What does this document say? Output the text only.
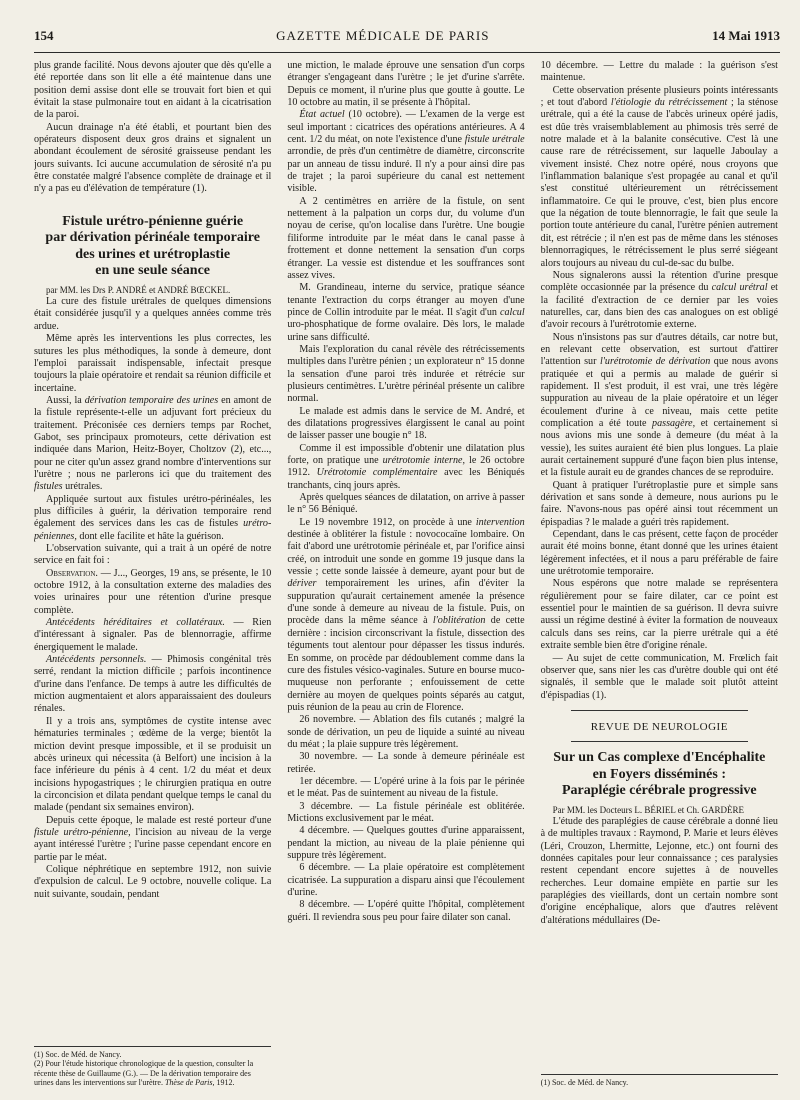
154	GAZETTE MÉDICALE DE PARIS	14 Mai 1913

plus grande facilité. Nous devons ajouter que dès qu'elle a été reportée dans son lit elle a été maintenue dans une position demi assise dont elle se trouvait fort bien et qui évitait la stase pulmonaire tout en aidant à la cicatrisation de la paroi.

Aucun drainage n'a été établi, et pourtant bien des opérateurs disposent deux gros drains et signalent un abondant écoulement de sérosité graisseuse pendant les jours suivants. Ici aucune accumulation de sérosité n'a pu être constatée malgré l'absence complète de drainage et il n'y a pas eu d'élévation de température (1).

Fistule urétro-pénienne guérie
par dérivation périnéale temporaire
des urines et urétroplastie
en une seule séance

par MM. les Drs P. ANDRÉ et ANDRÉ BŒCKEL.

La cure des fistule urétrales de quelques dimensions était considérée jusqu'il y a quelques années comme très ardue.

Même après les interventions les plus correctes, les sutures les plus méthodiques, la sonde à demeure, dont l'emploi paraissait indispensable, infectait presque toujours la plaie opératoire et rendait sa réunion difficile et incertaine.

Aussi, la dérivation temporaire des urines en amont de la fistule représente-t-elle un adjuvant fort précieux du traitement. Préconisée ces derniers temps par Rochet, Gabot, ses principaux promoteurs, cette dérivation est indiquée dans Marion, Heitz-Boyer, Choltzov (2), etc..., pour ne citer qu'un assez grand nombre d'interventions sur l'urètre ; nous ne parlerons ici que du traitement des fistules urétrales.

Appliquée surtout aux fistules urétro-périnéales, les plus difficiles à guérir, la dérivation temporaire rend également des services dans les cas de fistules urétro-péniennes, dont elle facilite et hâte la guérison.

L'observation suivante, qui a trait à un opéré de notre service en fait foi :

Observation. — J..., Georges, 19 ans, se présente, le 10 octobre 1912, à la consultation externe des maladies des voies urinaires pour une rétention d'urine presque complète.

Antécédents héréditaires et collatéraux. — Rien d'intéressant à signaler. Pas de blennorragie, affirme énergiquement le malade.

Antécédents personnels. — Phimosis congénital très serré, rendant la miction difficile ; parfois incontinence d'urine dans l'enfance. De temps à autre les difficultés de miction augmentaient et alors apparaissaient des douleurs rénales.

Il y a trois ans, symptômes de cystite intense avec hématuries terminales ; œdème de la verge; bientôt la miction devint presque impossible, et il se produisit un abcès urineux qui nécessita (à Belfort) une incision à la face inférieure du pénis à 4 cent. 1/2 du méat et deux incisions hypogastriques ; le chirurgien pratiqua en outre la circoncision et dilata pendant quelque temps le canal du malade (pendant six semaines environ).

Depuis cette époque, le malade est resté porteur d'une fistule urétro-pénienne, l'incision au niveau de la verge ayant intéressé l'urètre ; l'urine passe cependant encore en partie par le méat.

Colique néphrétique en septembre 1912, non suivie d'expulsion de calcul. Le 9 octobre, nouvelle colique. La nuit suivante, soudain, pendant

(1) Soc. de Méd. de Nancy.
(2) Pour l'étude historique chronologique de la question, consulter la récente thèse de Guillaume (G.). — De la dérivation temporaire des urines dans les interventions sur l'urètre. Thèse de Paris, 1912.

une miction, le malade éprouve une sensation d'un corps étranger s'engageant dans l'urètre ; le jet d'urine s'arrête. Depuis ce moment, il n'urine plus que goutte à goutte. Le 10 octobre au matin, il se présente à l'hôpital.

État actuel (10 octobre). — L'examen de la verge est seul important : cicatrices des opérations antérieures. A 4 cent. 1/2 du méat, on note l'existence d'une fistule urétrale arrondie, de près d'un centimètre de diamètre, circonscrite par un anneau de tissu induré. Il n'y a pour ainsi dire pas de trajet ; la paroi supérieure du canal est nettement visible.

A 2 centimètres en arrière de la fistule, on sent nettement à la palpation un corps dur, du volume d'un noyau de cerise, qu'on localise dans l'urètre. Une bougie filiforme introduite par le méat dans le canal passe à frottement et donne nettement la sensation d'un corps étranger. La vessie est distendue et les souffrances sont assez vives.

M. Grandineau, interne du service, pratique séance tenante l'extraction du corps étranger au moyen d'une pince de Collin introduite par le méat. Il s'agit d'un calcul uro-phosphatique de forme ovalaire. Dès lors, le malade urine sans difficulté.

Mais l'exploration du canal révèle des rétrécissements multiples dans l'urètre pénien ; un explorateur n° 15 donne la sensation d'une paroi très indurée et rétrécie sur plusieurs centimètres. L'urètre périnéal présente un calibre normal.

Le malade est admis dans le service de M. André, et des dilatations progressives élargissent le canal au point de laisser passer une bougie n° 18.

Comme il est impossible d'obtenir une dilatation plus forte, on pratique une urétrotomie interne, le 26 octobre 1912. Urétrotomie complémentaire avec les Béniqués tranchants, cinq jours après.

Après quelques séances de dilatation, on arrive à passer le n° 56 Béniqué.

Le 19 novembre 1912, on procède à une intervention destinée à oblitérer la fistule : novococaïne lombaire. On fait d'abord une urétrotomie périnéale et, par l'orifice ainsi créé, on introduit une sonde en gomme 19 jusque dans la vessie ; cette sonde laissée à demeure, ayant pour but de dériver temporairement les urines, afin d'éviter la suppuration qu'aurait certainement amenée la présence d'une sonde à demeure au niveau de la fistule. Puis, on procède dans la même séance à l'oblitération de cette dernière : incision circonscrivant la fistule, dissection des téguments tout alentour pour dépasser les tissus indurés. En somme, on procède par dédoublement comme dans la cure des fistules vésico-vaginales. Suture en bourse muco-muqueuse non perforante ; enfouissement de cette dernière au moyen de quelques points séparés au catgut, puis réunion de la peau au crin de Florence.

26 novembre. — Ablation des fils cutanés ; malgré la sonde de dérivation, un peu de liquide a suinté au niveau du méat ; la plaie suppure très légèrement.

30 novembre. — La sonde à demeure périnéale est retirée.

1er décembre. — L'opéré urine à la fois par le périnée et le méat. Pas de suintement au niveau de la fistule.

3 décembre. — La fistule périnéale est oblitérée. Mictions exclusivement par le méat.

4 décembre. — Quelques gouttes d'urine apparaissent, pendant la miction, au niveau de la plaie pénienne qui suppure très légèrement.

6 décembre. — La plaie opératoire est complètement cicatrisée. La suppuration a disparu ainsi que l'écoulement d'urine.

8 décembre. — L'opéré quitte l'hôpital, complètement guéri. Il reviendra sous peu pour faire dilater son canal.

10 décembre. — Lettre du malade : la guérison s'est maintenue.

Cette observation présente plusieurs points intéressants ; et tout d'abord l'étiologie du rétrécissement ; la sténose urétrale, qui a été la cause de l'abcès urineux opéré jadis, est dûe très vraisemblablement au phimosis très serré de notre malade et à la balanite consécutive. C'est là une cause rare de rétrécissement, sur laquelle Jaboulay a vivement insisté. Chez notre opéré, nous croyons que l'inflammation balanique s'est propagée au canal et qu'il s'est constitué ultérieurement un rétrécissement inflammatoire. Ce qui le prouve, c'est, bien plus encore que la négation de toute blennorragie, le fait que seule la portion toute antérieure du canal, l'urètre pénien autrement dit, est rétrécie ; il n'en est pas de même dans les sténoses blennorragiques, le rétrécissement le plus serré siégeant alors toujours au niveau du cul-de-sac du bulbe.

Nous signalerons aussi la rétention d'urine presque complète occasionnée par la présence du calcul urétral et la facilité d'extraction de ce dernier par les voies naturelles, car, dans bien des cas analogues on est obligé d'avoir recours à l'urétrotomie externe.

Nous n'insistons pas sur d'autres détails, car notre but, en relevant cette observation, est surtout d'attirer l'attention sur l'urétrotomie de dérivation que nous avons pratiquée et qui a permis au malade de guérir si rapidement. Il s'est produit, il est vrai, une très légère suppuration au niveau de la plaie opératoire et un léger écoulement d'urine à ce niveau, mais cette petite complication a été toute passagère, et certainement si nous avions mis une sonde à demeure (du méat à la vessie), les suites auraient été bien plus longues. La plaie aurait certainement suppuré d'une façon bien plus intense, et la fistule aurait eu de grandes chances de se reproduire.

Quant à pratiquer l'urétroplastie pure et simple sans dérivation et sans sonde à demeure, nous aurions pu le faire. N'avons-nous pas opéré ainsi tout récemment un épispadias ? le malade a guéri très rapidement.

Cependant, dans le cas présent, cette façon de procéder aurait été moins bonne, étant donné que les urines étaient légèrement infectées, et il nous a paru préférable de faire une urétrotomie temporaire.

Nous espérons que notre malade se représentera régulièrement pour se faire dilater, car ce point est essentiel pour le maintien de sa guérison. Il devra suivre aussi un régime destiné à éviter la formation de nouveaux calculs dans ses reins, car la pierre urétrale qui a été extraite semble bien être d'origine rénale.

— Au sujet de cette communication, M. Frœlich fait observer que, sans nier les cas d'urètre double qui ont été signalés, il semble que le malade soit plutôt atteint d'épispadias (1).

REVUE DE NEUROLOGIE
Sur un Cas complexe d'Encéphalite
en Foyers disséminés :
Paraplégie cérébrale progressive

Par MM. les Docteurs L. BÉRIEL et Ch. GARDÈRE

L'étude des paraplégies de cause cérébrale a donné lieu à de multiples travaux : Raymond, P. Marie et leurs élèves (Léri, Crouzon, Lhermitte, Lejonne, etc.) ont fourni des données capitales pour leur connaissance ; ces paralysies restent cependant encore sujettes à de nouvelles recherches. Leur domaine empiète en partie sur les paraplégies des vieillards, dont un certain nombre sont d'origine encéphalique, alors que d'autres relèvent d'altérations médullaires (De-

(1) Soc. de Méd. de Nancy.
